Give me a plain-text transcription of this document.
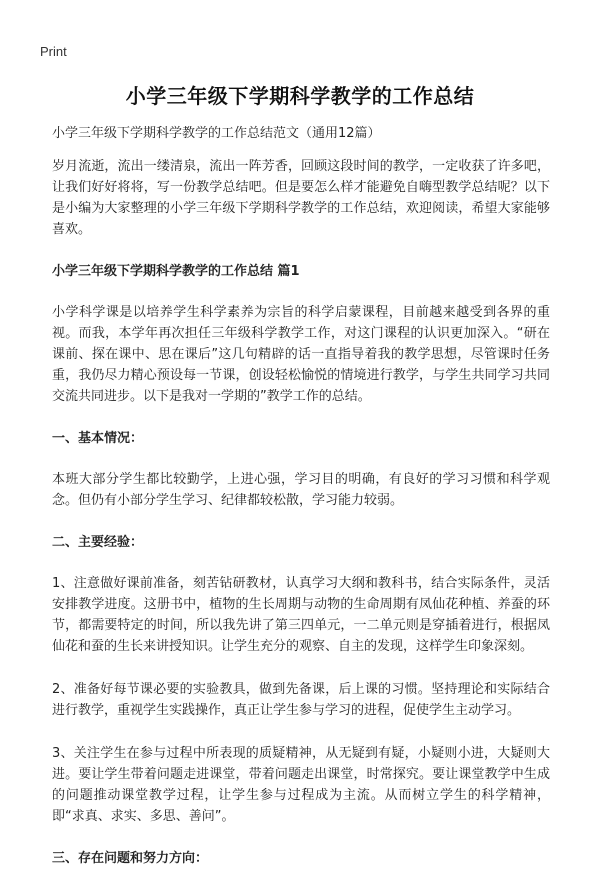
Print
小学三年级下学期科学教学的工作总结
小学三年级下学期科学教学的工作总结范文（通用12篇）

岁月流逝，流出一缕清泉，流出一阵芳香，回顾这段时间的教学，一定收获了许多吧，让我们好好将将，写一份教学总结吧。但是要怎么样才能避免自嗨型教学总结呢？以下是小编为大家整理的小学三年级下学期科学教学的工作总结，欢迎阅读，希望大家能够喜欢。

小学三年级下学期科学教学的工作总结 篇1

小学科学课是以培养学生科学素养为宗旨的科学启蒙课程，目前越来越受到各界的重视。而我，本学年再次担任三年级科学教学工作，对这门课程的认识更加深入。“研在课前、探在课中、思在课后”这几句精辟的话一直指导着我的教学思想，尽管课时任务重，我仍尽力精心预设每一节课，创设轻松愉悦的情境进行教学，与学生共同学习共同交流共同进步。以下是我对一学期的”教学工作的总结。

一、基本情况：

本班大部分学生都比较勤学，上进心强，学习目的明确，有良好的学习习惯和科学观念。但仍有小部分学生学习、纪律都较松散，学习能力较弱。

二、主要经验：

1、注意做好课前准备，刻苦钻研教材，认真学习大纲和教科书，结合实际条件，灵活安排教学进度。这册书中，植物的生长周期与动物的生命周期有凤仙花种植、养蚕的环节，都需要特定的时间，所以我先讲了第三四单元，一二单元则是穿插着进行，根据凤仙花和蚕的生长来讲授知识。让学生充分的观察、自主的发现，这样学生印象深刻。

2、准备好每节课必要的实验教具，做到先备课，后上课的习惯。坚持理论和实际结合进行教学，重视学生实践操作，真正让学生参与学习的进程，促使学生主动学习。

3、关注学生在参与过程中所表现的质疑精神，从无疑到有疑，小疑则小进，大疑则大进。要让学生带着问题走进课堂，带着问题走出课堂，时常探究。要让课堂教学中生成的问题推动课堂教学过程，让学生参与过程成为主流。从而树立学生的科学精神，即“求真、求实、多思、善问”。

三、存在问题和努力方向：
